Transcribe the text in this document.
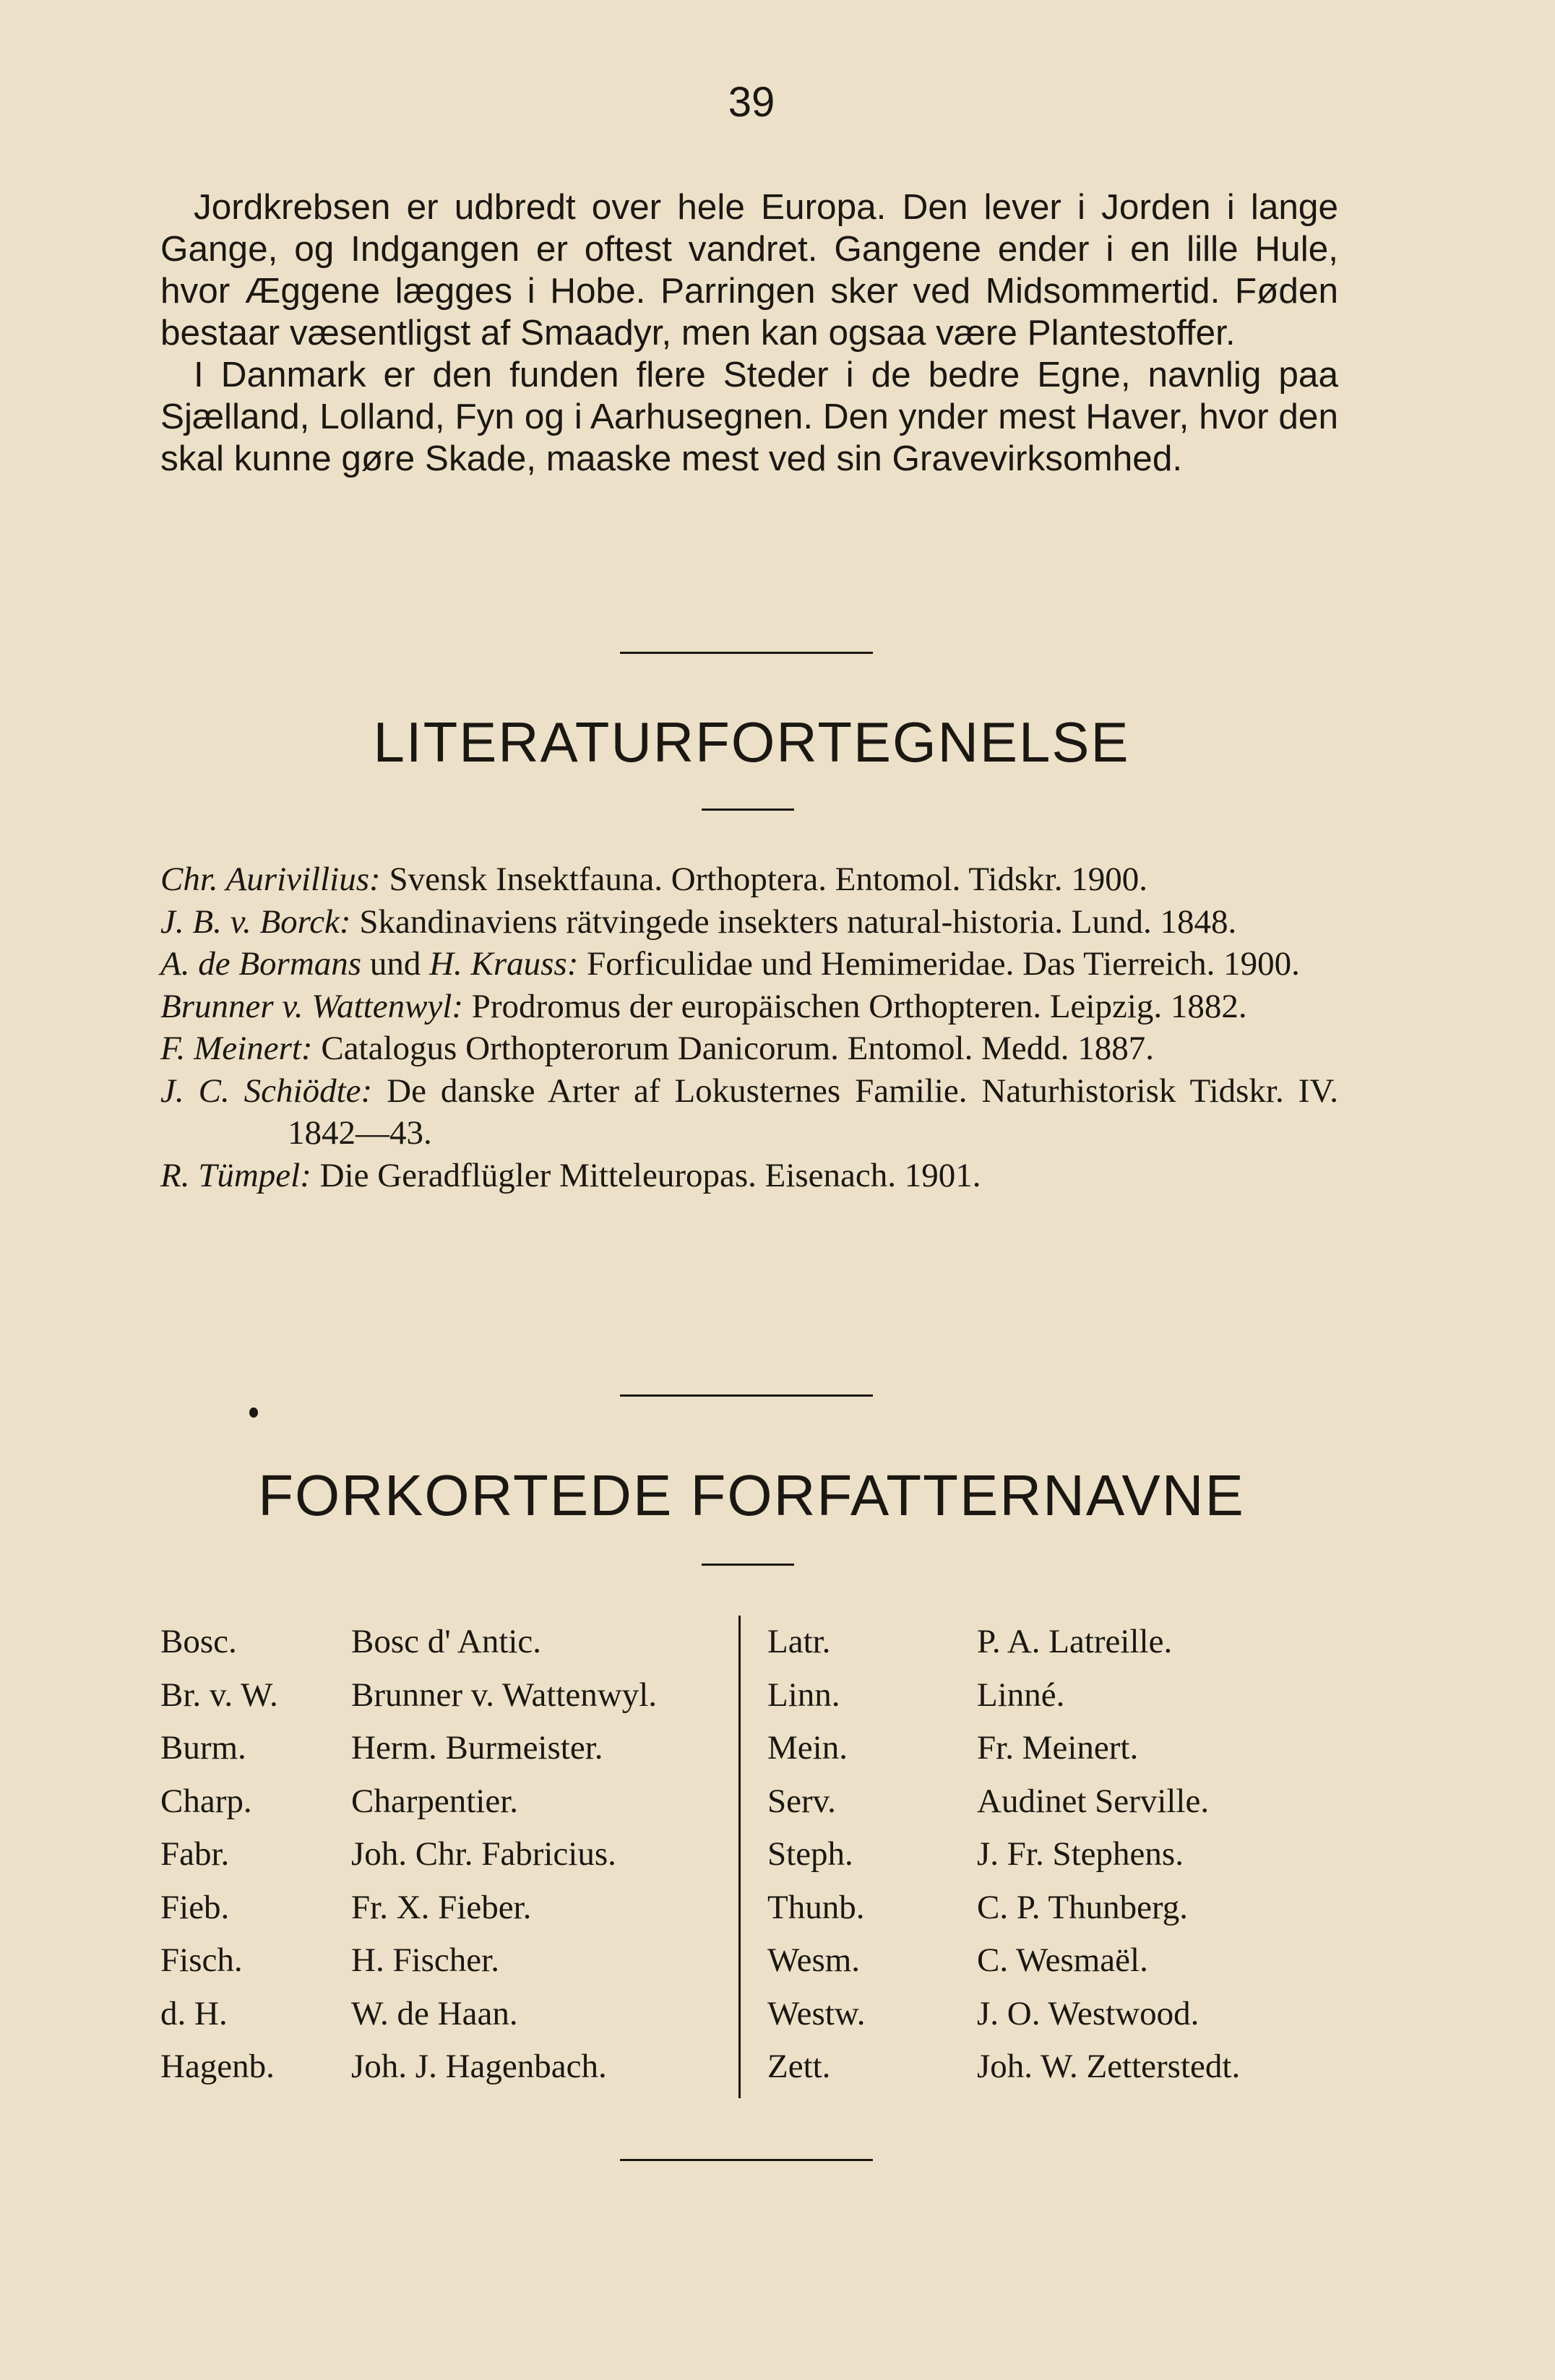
39

Jordkrebsen er udbredt over hele Europa. Den lever i Jorden i lange Gange, og Indgangen er oftest vandret. Gangene ender i en lille Hule, hvor Æggene lægges i Hobe. Parringen sker ved Midsommertid. Føden bestaar væsentligst af Smaadyr, men kan ogsaa være Plantestoffer.

I Danmark er den funden flere Steder i de bedre Egne, navnlig paa Sjælland, Lolland, Fyn og i Aarhusegnen. Den ynder mest Haver, hvor den skal kunne gøre Skade, maaske mest ved sin Gravevirksomhed.

LITERATURFORTEGNELSE
Chr. Aurivillius: Svensk Insektfauna. Orthoptera. Entomol. Tidskr. 1900.
J. B. v. Borck: Skandinaviens rätvingede insekters natural-historia. Lund. 1848.
A. de Bormans und H. Krauss: Forficulidae und Hemimeridae. Das Tierreich. 1900.
Brunner v. Wattenwyl: Prodromus der europäischen Orthopteren. Leipzig. 1882.
F. Meinert: Catalogus Orthopterorum Danicorum. Entomol. Medd. 1887.
J. C. Schiödte: De danske Arter af Lokusternes Familie. Naturhistorisk Tidskr. IV. 1842—43.
R. Tümpel: Die Geradflügler Mitteleuropas. Eisenach. 1901.
FORKORTEDE FORFATTERNAVNE
Bosc.
Br. v. W.
Burm.
Charp.
Fabr.
Fieb.
Fisch.
d. H.
Hagenb.
Bosc d' Antic.
Brunner v. Wattenwyl.
Herm. Burmeister.
Charpentier.
Joh. Chr. Fabricius.
Fr. X. Fieber.
H. Fischer.
W. de Haan.
Joh. J. Hagenbach.
Latr.
Linn.
Mein.
Serv.
Steph.
Thunb.
Wesm.
Westw.
Zett.
P. A. Latreille.
Linné.
Fr. Meinert.
Audinet Serville.
J. Fr. Stephens.
C. P. Thunberg.
C. Wesmaël.
J. O. Westwood.
Joh. W. Zetterstedt.
